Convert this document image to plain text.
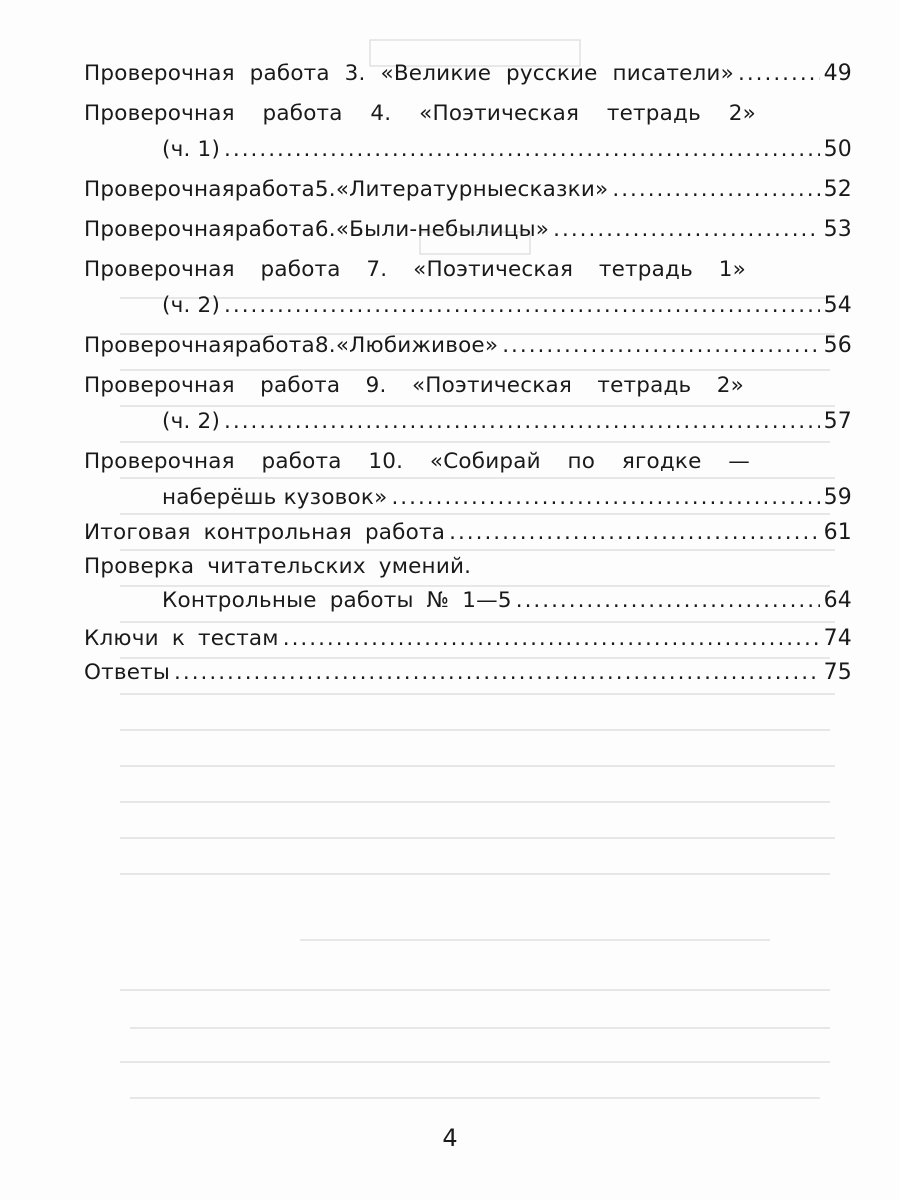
Проверочная работа 3. «Великие русские писатели» .....	49
Проверочная работа 4. «Поэтическая тетрадь 2»
(ч. 1) .....	50
Проверочная работа 5. «Литературные сказки» .....	52
Проверочная работа 6. «Были-небылицы» .....	53
Проверочная работа 7. «Поэтическая тетрадь 1»
(ч. 2) .....	54
Проверочная работа 8. «Люби живое» .....	56
Проверочная работа 9. «Поэтическая тетрадь 2»
(ч. 2) .....	57
Проверочная работа 10. «Собирай по ягодке —
наберёшь кузовок» .....	59
Итоговая контрольная работа .....	61
Проверка читательских умений.
Контрольные работы № 1—5 .....	64
Ключи к тестам .....	74
Ответы .....	75
4
